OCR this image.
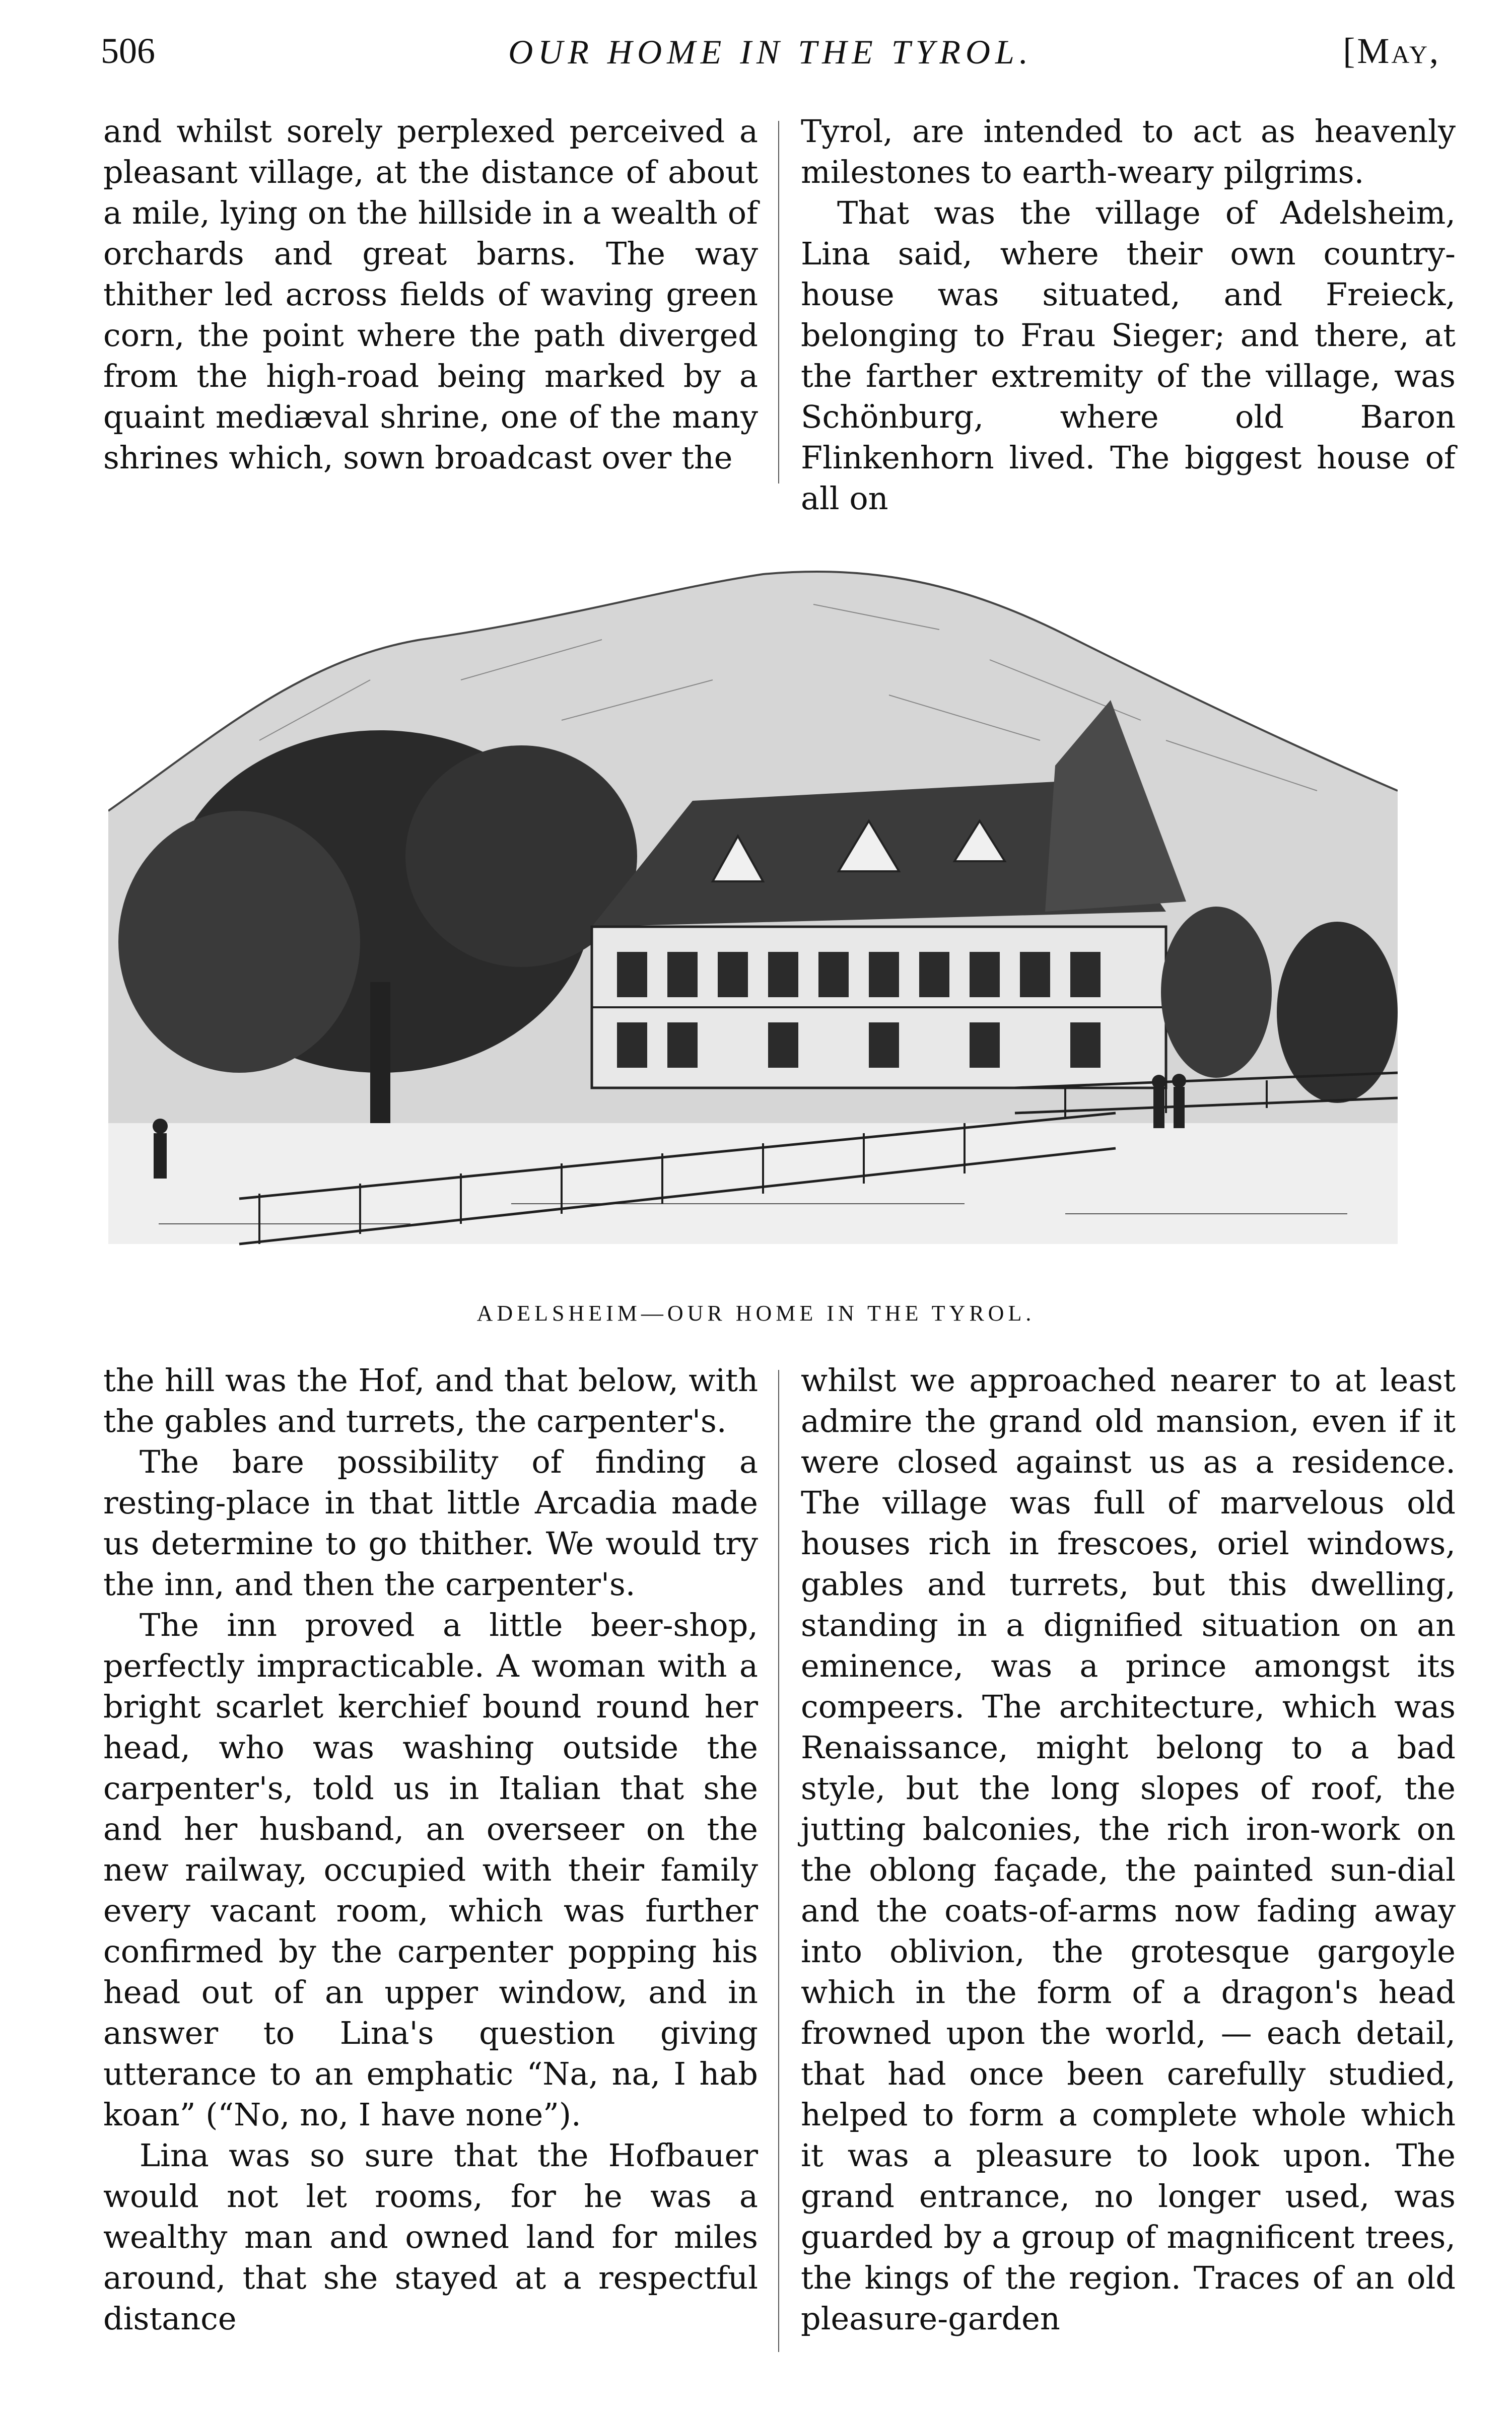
506	OUR HOME IN THE TYROL.	[May,

and whilst sorely perplexed perceived a pleasant village, at the distance of about a mile, lying on the hillside in a wealth of orchards and great barns. The way thither led across fields of waving green corn, the point where the path diverged from the high-road being marked by a quaint mediæval shrine, one of the many shrines which, sown broadcast over the

Tyrol, are intended to act as heavenly milestones to earth-weary pilgrims.

That was the village of Adelsheim, Lina said, where their own country-house was situated, and Freieck, belonging to Frau Sieger; and there, at the farther extremity of the village, was Schönburg, where old Baron Flinkenhorn lived. The biggest house of all on

ADELSHEIM—OUR HOME IN THE TYROL.

the hill was the Hof, and that below, with the gables and turrets, the carpenter's.

The bare possibility of finding a resting-place in that little Arcadia made us determine to go thither. We would try the inn, and then the carpenter's.

The inn proved a little beer-shop, perfectly impracticable. A woman with a bright scarlet kerchief bound round her head, who was washing outside the carpenter's, told us in Italian that she and her husband, an overseer on the new railway, occupied with their family every vacant room, which was further confirmed by the carpenter popping his head out of an upper window, and in answer to Lina's question giving utterance to an emphatic “Na, na, I hab koan” (“No, no, I have none”).

Lina was so sure that the Hofbauer would not let rooms, for he was a wealthy man and owned land for miles around, that she stayed at a respectful distance

whilst we approached nearer to at least admire the grand old mansion, even if it were closed against us as a residence. The village was full of marvelous old houses rich in frescoes, oriel windows, gables and turrets, but this dwelling, standing in a dignified situation on an eminence, was a prince amongst its compeers. The architecture, which was Renaissance, might belong to a bad style, but the long slopes of roof, the jutting balconies, the rich iron-work on the oblong façade, the painted sun-dial and the coats-of-arms now fading away into oblivion, the grotesque gargoyle which in the form of a dragon's head frowned upon the world, — each detail, that had once been carefully studied, helped to form a complete whole which it was a pleasure to look upon. The grand entrance, no longer used, was guarded by a group of magnificent trees, the kings of the region. Traces of an old pleasure-garden
